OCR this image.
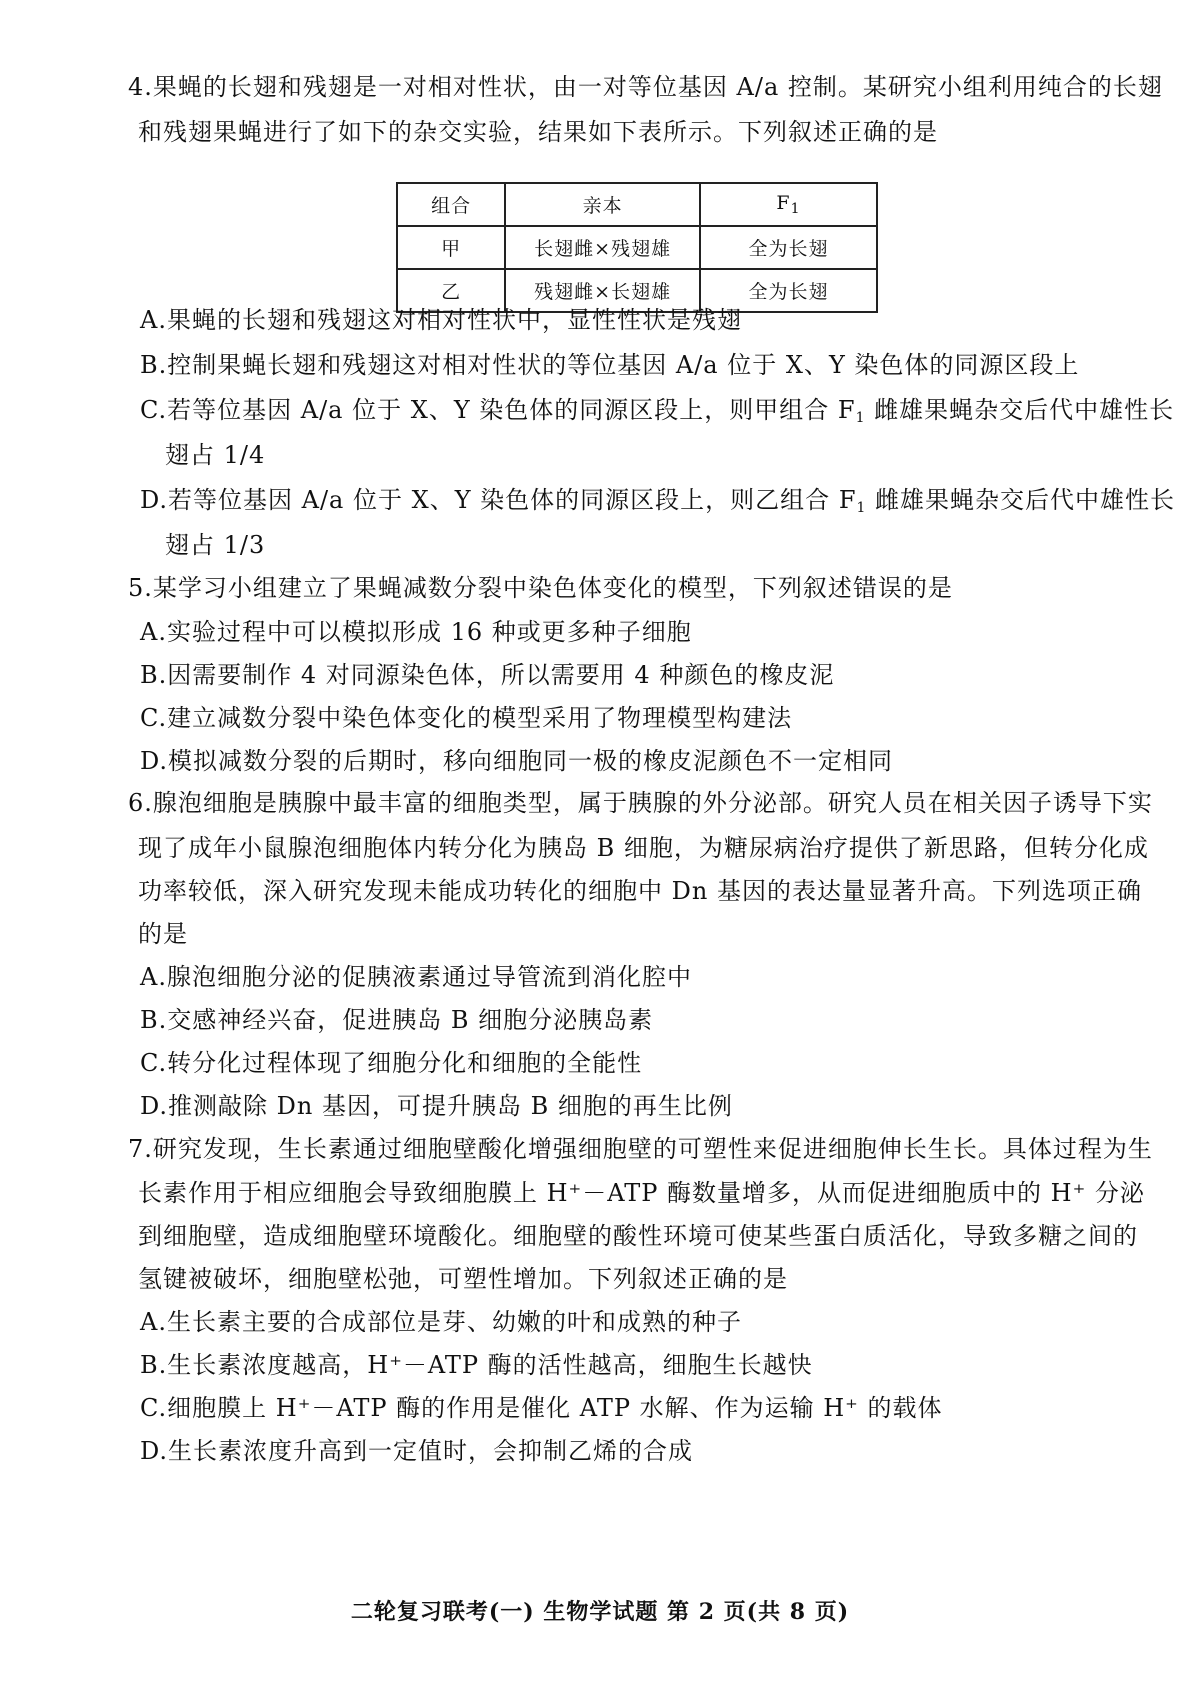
4.果蝇的长翅和残翅是一对相对性状，由一对等位基因 A/a 控制。某研究小组利用纯合的长翅
和残翅果蝇进行了如下的杂交实验，结果如下表所示。下列叙述正确的是
组合	亲本	$F_1$
甲	长翅雌×残翅雄	全为长翅
乙	残翅雌×长翅雄	全为长翅
A.果蝇的长翅和残翅这对相对性状中，显性性状是残翅
B.控制果蝇长翅和残翅这对相对性状的等位基因 A/a 位于 X、Y 染色体的同源区段上
C.若等位基因 A/a 位于 X、Y 染色体的同源区段上，则甲组合 $F_1$ 雌雄果蝇杂交后代中雄性长
翅占 1/4
D.若等位基因 A/a 位于 X、Y 染色体的同源区段上，则乙组合 $F_1$ 雌雄果蝇杂交后代中雄性长
翅占 1/3
5.某学习小组建立了果蝇减数分裂中染色体变化的模型，下列叙述错误的是
A.实验过程中可以模拟形成 16 种或更多种子细胞
B.因需要制作 4 对同源染色体，所以需要用 4 种颜色的橡皮泥
C.建立减数分裂中染色体变化的模型采用了物理模型构建法
D.模拟减数分裂的后期时，移向细胞同一极的橡皮泥颜色不一定相同
6.腺泡细胞是胰腺中最丰富的细胞类型，属于胰腺的外分泌部。研究人员在相关因子诱导下实
现了成年小鼠腺泡细胞体内转分化为胰岛 B 细胞，为糖尿病治疗提供了新思路，但转分化成
功率较低，深入研究发现未能成功转化的细胞中 Dn 基因的表达量显著升高。下列选项正确
的是
A.腺泡细胞分泌的促胰液素通过导管流到消化腔中
B.交感神经兴奋，促进胰岛 B 细胞分泌胰岛素
C.转分化过程体现了细胞分化和细胞的全能性
D.推测敲除 Dn 基因，可提升胰岛 B 细胞的再生比例
7.研究发现，生长素通过细胞壁酸化增强细胞壁的可塑性来促进细胞伸长生长。具体过程为生
长素作用于相应细胞会导致细胞膜上 H⁺－ATP 酶数量增多，从而促进细胞质中的 H⁺ 分泌
到细胞壁，造成细胞壁环境酸化。细胞壁的酸性环境可使某些蛋白质活化，导致多糖之间的
氢键被破坏，细胞壁松弛，可塑性增加。下列叙述正确的是
A.生长素主要的合成部位是芽、幼嫩的叶和成熟的种子
B.生长素浓度越高，H⁺－ATP 酶的活性越高，细胞生长越快
C.细胞膜上 H⁺－ATP 酶的作用是催化 ATP 水解、作为运输 H⁺ 的载体
D.生长素浓度升高到一定值时，会抑制乙烯的合成
二轮复习联考(一) 生物学试题 第 2 页(共 8 页)
